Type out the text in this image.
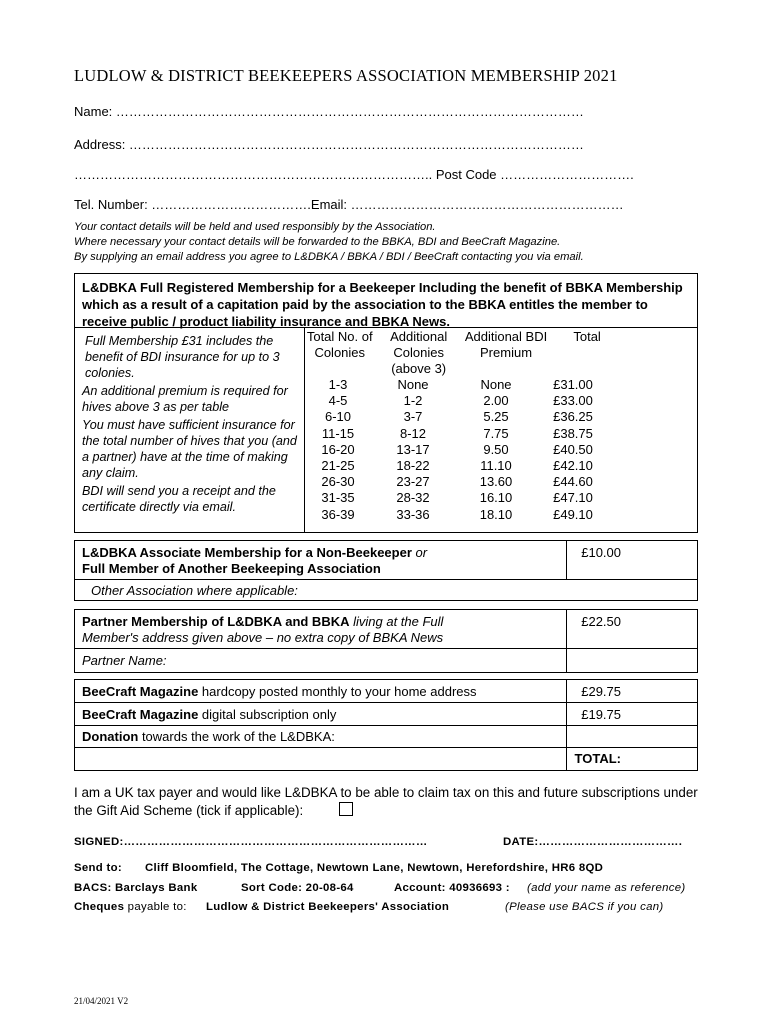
LUDLOW & DISTRICT BEEKEEPERS ASSOCIATION MEMBERSHIP 2021
Name: ………………………………………………………………………………………………
Address: ……………………………………………………………………………………………
……………………………………………………………………….. Post Code ………………………….
Tel. Number: ……………………………….Email: ………………………………………………………
Your contact details will be held and used responsibly by the Association.
Where necessary your contact details will be forwarded to the BBKA, BDI and BeeCraft Magazine.
By supplying an email address you agree to L&DBKA / BBKA / BDI / BeeCraft contacting you via email.
L&DBKA Full Registered Membership for a Beekeeper Including the benefit of BBKA Membership which as a result of a capitation paid by the association to the BBKA entitles the member to receive public / product liability insurance and BBKA News.
Full Membership £31 includes the benefit of BDI insurance for up to 3 colonies.
An additional premium is required for hives above 3 as per table
You must have sufficient insurance for the total number of hives that you (and a partner) have at the time of making any claim.
BDI will send you a receipt and the certificate directly via email.
Total No. of Colonies	Additional Colonies (above 3)	Additional BDI Premium	Total
1-3	None	None	£31.00
4-5	1-2	2.00	£33.00
6-10	3-7	5.25	£36.25
11-15	8-12	7.75	£38.75
16-20	13-17	9.50	£40.50
21-25	18-22	11.10	£42.10
26-30	23-27	13.60	£44.60
31-35	28-32	16.10	£47.10
36-39	33-36	18.10	£49.10
L&DBKA Associate Membership for a Non-Beekeeper or
Full Member of Another Beekeeping Association
£10.00
Other Association where applicable:
Partner Membership of L&DBKA and BBKA living at the Full Member's address given above – no extra copy of BBKA News
£22.50
Partner Name:
BeeCraft Magazine hardcopy posted monthly to your home address	£29.75
BeeCraft Magazine digital subscription only	£19.75
Donation towards the work of the L&DBKA:
TOTAL:
I am a UK tax payer and would like L&DBKA to be able to claim tax on this and future subscriptions under the Gift Aid Scheme (tick if applicable):
SIGNED:……………………………………………………………………	DATE:……………………………….
Send to: Cliff Bloomfield, The Cottage, Newtown Lane, Newtown, Herefordshire, HR6 8QD
BACS: Barclays Bank	Sort Code: 20-08-64	Account: 40936693 : (add your name as reference)
Cheques payable to: Ludlow & District Beekeepers' Association	(Please use BACS if you can)
21/04/2021 V2
